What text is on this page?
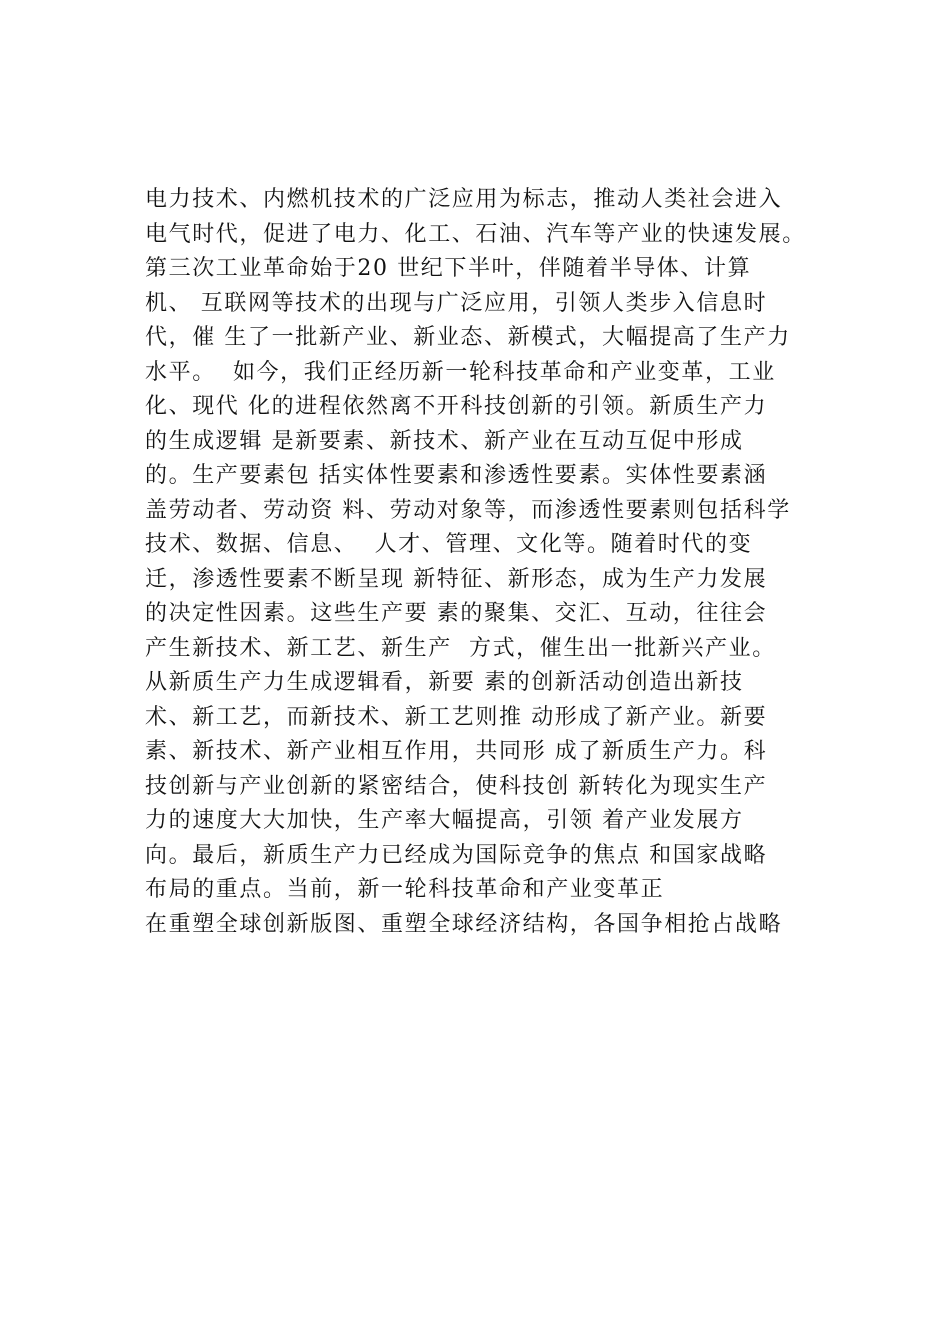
电力技术、内燃机技术的广泛应用为标志，推动人类社会进入
电气时代，促进了电力、化工、石油、汽车等产业的快速发展。
第三次工业革命始于20 世纪下半叶，伴随着半导体、计算
机、 互联网等技术的出现与广泛应用，引领人类步入信息时
代，催 生了一批新产业、新业态、新模式，大幅提高了生产力
水平。  如今，我们正经历新一轮科技革命和产业变革，工业
化、现代 化的进程依然离不开科技创新的引领。新质生产力
的生成逻辑 是新要素、新技术、新产业在互动互促中形成
的。生产要素包 括实体性要素和渗透性要素。实体性要素涵
盖劳动者、劳动资 料、劳动对象等，而渗透性要素则包括科学
技术、数据、信息、  人才、管理、文化等。随着时代的变
迁，渗透性要素不断呈现 新特征、新形态，成为生产力发展
的决定性因素。这些生产要 素的聚集、交汇、互动，往往会
产生新技术、新工艺、新生产  方式，催生出一批新兴产业。
从新质生产力生成逻辑看，新要 素的创新活动创造出新技
术、新工艺，而新技术、新工艺则推 动形成了新产业。新要
素、新技术、新产业相互作用，共同形 成了新质生产力。科
技创新与产业创新的紧密结合，使科技创 新转化为现实生产
力的速度大大加快，生产率大幅提高，引领 着产业发展方
向。最后，新质生产力已经成为国际竞争的焦点 和国家战略
布局的重点。当前，新一轮科技革命和产业变革正
在重塑全球创新版图、重塑全球经济结构，各国争相抢占战略
